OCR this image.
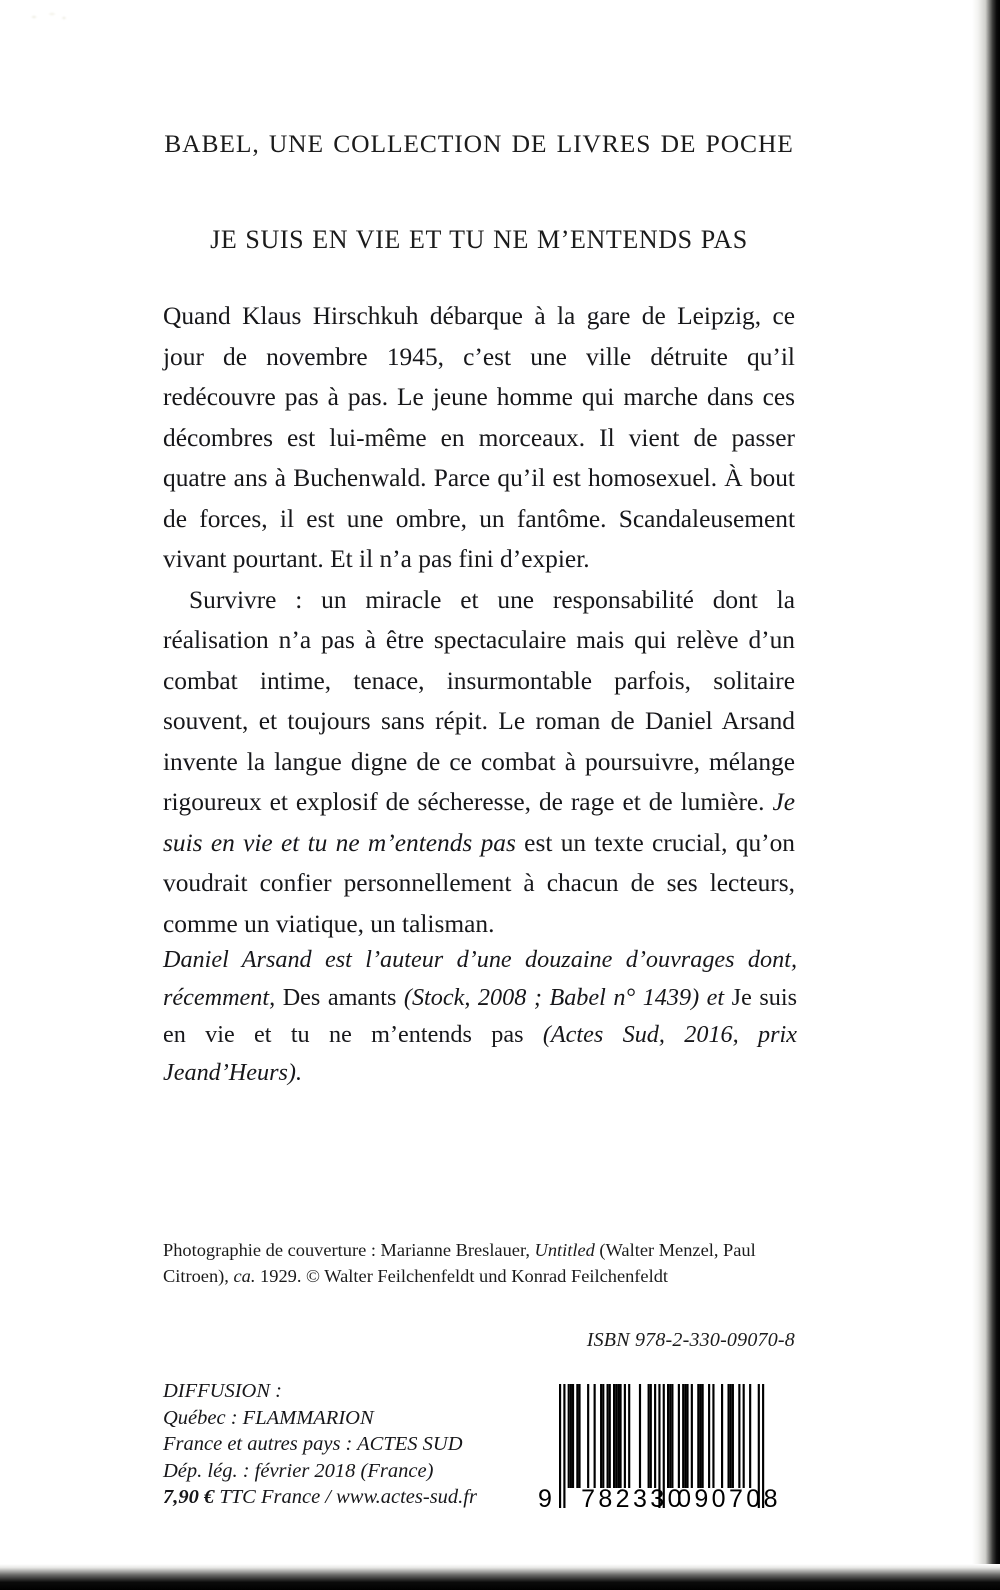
BABEL, UNE COLLECTION DE LIVRES DE POCHE
JE SUIS EN VIE ET TU NE M’ENTENDS PAS

Quand Klaus Hirschkuh débarque à la gare de Leipzig, ce jour de novembre 1945, c’est une ville détruite qu’il redécouvre pas à pas. Le jeune homme qui marche dans ces décombres est lui-même en morceaux. Il vient de passer quatre ans à Buchenwald. Parce qu’il est homosexuel. À bout de forces, il est une ombre, un fantôme. Scandaleusement vivant pourtant. Et il n’a pas fini d’expier.

Survivre : un miracle et une responsabilité dont la réalisation n’a pas à être spectaculaire mais qui relève d’un combat intime, tenace, insurmontable parfois, solitaire souvent, et toujours sans répit. Le roman de Daniel Arsand invente la langue digne de ce combat à poursuivre, mélange rigoureux et explosif de sécheresse, de rage et de lumière. Je suis en vie et tu ne m’entends pas est un texte crucial, qu’on voudrait confier personnellement à chacun de ses lecteurs, comme un viatique, un talisman.

Daniel Arsand est l’auteur d’une douzaine d’ouvrages dont, récemment, Des amants (Stock, 2008 ; Babel n° 1439) et Je suis en vie et tu ne m’entends pas (Actes Sud, 2016, prix Jeand’Heurs).
Photographie de couverture : Marianne Breslauer, Untitled (Walter Menzel, Paul Citroen), ca. 1929. © Walter Feilchenfeldt und Konrad Feilchenfeldt
ISBN 978-2-330-09070-8
DIFFUSION :
Québec : FLAMMARION
France et autres pays : ACTES SUD
Dép. lég. : février 2018 (France)
7,90 € TTC France / www.actes-sud.fr	9 782330
090708
